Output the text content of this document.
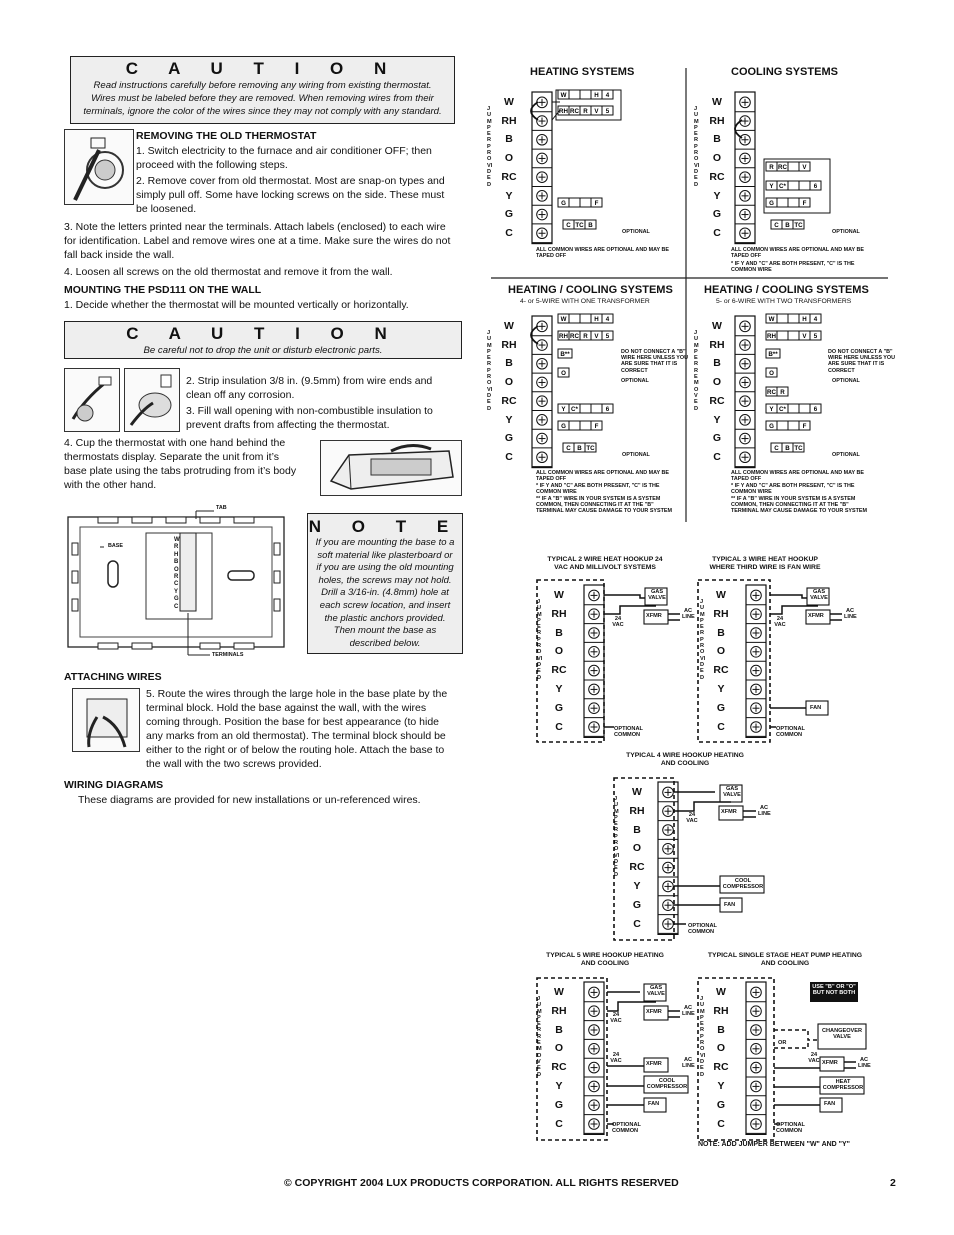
C A U T I O N
Read instructions carefully before removing any wiring from existing thermostat. Wires must be labeled before they are removed. When removing wires from their terminals, ignore the color of the wires since they may not comply with any standard.
REMOVING THE OLD THERMOSTAT
1. Switch electricity to the furnace and air conditioner OFF; then proceed with the following steps.
2. Remove cover from old thermostat. Most are snap-on types and simply pull off. Some have locking screws on the side. These must be loosened.
3. Note the letters printed near the terminals. Attach labels (enclosed) to each wire for identification. Label and remove wires one at a time. Make sure the wires do not fall back inside the wall.
4. Loosen all screws on the old thermostat and remove it from the wall.
MOUNTING THE PSD111 ON THE WALL
1. Decide whether the thermostat will be mounted vertically or horizontally.
C A U T I O N
Be careful not to drop the unit or disturb electronic parts.
2. Strip insulation 3/8 in. (9.5mm) from wire ends and clean off any corrosion.
3. Fill wall opening with non-combustible insulation to prevent drafts from affecting the thermostat.
4. Cup the thermostat with one hand behind the thermostats display. Separate the unit from it’s base plate using the tabs protruding from it’s body with the other hand.
TAB
BASE
TERMINALS
WRHBORCYGC
N O T E
If you are mounting the base to a soft material like plasterboard or if you are using the old mounting holes, the screws may not hold. Drill a 3/16-in. (4.8mm) hole at each screw location, and insert the plastic anchors provided. Then mount the base as described below.
ATTACHING WIRES
5. Route the wires through the large hole in the base plate by the terminal block. Hold the base against the wall, with the wires coming through. Position the base for best appearance (to hide any marks from an old thermostat). The terminal block should be either to the right or of below the routing hole. Attach the base to the wall with the two screws provided.
WIRING DIAGRAMS
These diagrams are provided for new installations or un-referenced wires.
HEATING SYSTEMS	COOLING SYSTEMS
HEATING / COOLING SYSTEMS
4- or 5-WIRE WITH ONE TRANSFORMER
HEATING / COOLING SYSTEMS
5- or 6-WIRE WITH TWO TRANSFORMERS
W
RH
B
O
RC
Y
G
C
JUMPERPROVIDED
W
RH
B
O
RC
Y
G
C
JUMPERPROVIDED
W
RH
B
O
RC
Y
G
C
JUMPERPROVIDED
W
RH
B
O
RC
Y
G
C
JUMPERREMOVED
W
RH
B
O
RC
Y
G
C
JUMPERPROVIDED
W
RH
B
O
RC
Y
G
C
JUMPERPROVIDED
W
RH
B
O
RC
Y
G
C
JUMPERPROVIDED
W
RH
B
O
RC
Y
G
C
JUMPERREMOVED
W
RH
B
O
RC
Y
G
C
JUMPERPROVIDED
OPTIONAL
ALL COMMON WIRES ARE OPTIONAL AND MAY BE TAPED OFF
OPTIONAL
ALL COMMON WIRES ARE OPTIONAL AND MAY BE TAPED OFF
* IF Y AND "C" ARE BOTH PRESENT, "C" IS THE COMMON WIRE
DO NOT CONNECT A "B" WIRE HERE UNLESS YOU ARE SURE THAT IT IS CORRECT
OPTIONAL
OPTIONAL
ALL COMMON WIRES ARE OPTIONAL AND MAY BE TAPED OFF
* IF Y AND "C" ARE BOTH PRESENT, "C" IS THE COMMON WIRE
** IF A "B" WIRE IN YOUR SYSTEM IS A SYSTEM COMMON, THEN CONNECTING IT AT THE "B" TERMINAL MAY CAUSE DAMAGE TO YOUR SYSTEM
DO NOT CONNECT A "B" WIRE HERE UNLESS YOU ARE SURE THAT IT IS CORRECT
OPTIONAL
OPTIONAL
ALL COMMON WIRES ARE OPTIONAL AND MAY BE TAPED OFF
* IF Y AND "C" ARE BOTH PRESENT, "C" IS THE COMMON WIRE
** IF A "B" WIRE IN YOUR SYSTEM IS A SYSTEM COMMON, THEN CONNECTING IT AT THE "B" TERMINAL MAY CAUSE DAMAGE TO YOUR SYSTEM
TYPICAL 2 WIRE HEAT HOOKUP 24 VAC AND MILLIVOLT SYSTEMS
TYPICAL 3 WIRE HEAT HOOKUP WHERE THIRD WIRE IS FAN WIRE
TYPICAL 4 WIRE HOOKUP HEATING AND COOLING
TYPICAL 5 WIRE HOOKUP HEATING AND COOLING
TYPICAL SINGLE STAGE HEAT PUMP HEATING AND COOLING
W	H 4
RH RC R V 5
G	F
C TC B
R RC V
Y C*	6
G	F
C B TC
W	H 4
RH RC R V 5
B**
O
Y C*	6
G	F
C B TC
W	H 4
RH	V 5
B**
O
RC R
Y C*	6
G	F
C B TC
GAS VALVE
XFMR
24 VAC
AC LINE
OPTIONAL COMMON
GAS VALVE
XFMR
24 VAC
AC LINE
FAN
OPTIONAL COMMON
GAS VALVE
XFMR
24 VAC
AC LINE
COOL COMPRESSOR
FAN
OPTIONAL COMMON
GAS VALVE
XFMR
24 VAC
AC LINE
XFMR
24 VAC	AC LINE
COOL COMPRESSOR
FAN
OPTIONAL COMMON
USE "B" OR "O" BUT NOT BOTH
CHANGEOVER VALVE
OR
XFMR
24 VAC	AC LINE
HEAT COMPRESSOR
FAN
OPTIONAL COMMON
NOTE: ADD JUMPER BETWEEN "W" AND "Y"
© COPYRIGHT 2004 LUX PRODUCTS CORPORATION. ALL RIGHTS RESERVED	2
